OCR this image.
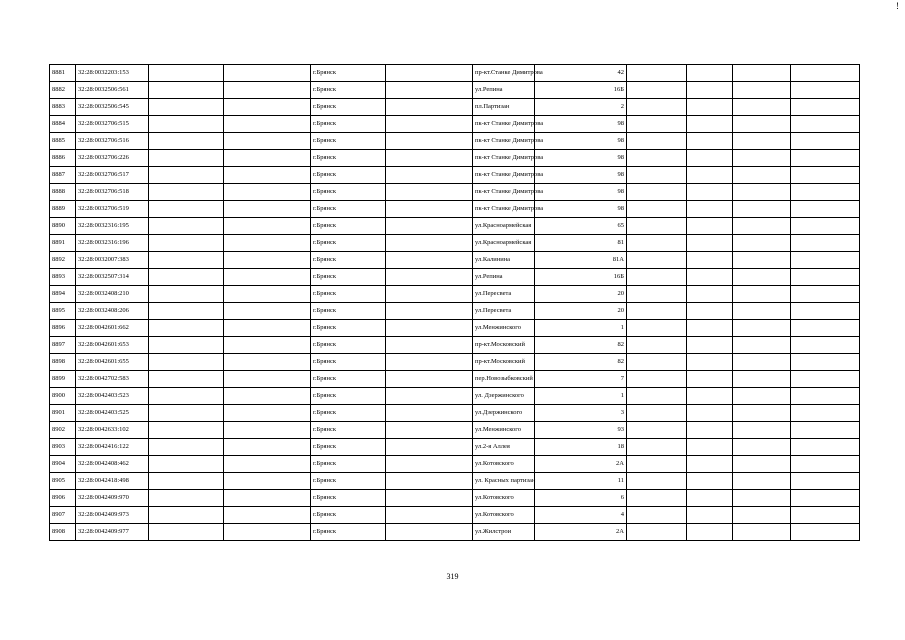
!
8881	32:28:0032203:153			г.Брянск		пр-кт.Станке Димитрова	42				
8882	32:28:0032506:561			г.Брянск		ул.Репина	16Б				
8883	32:28:0032506:545			г.Брянск		пл.Партизан	2				
8884	32:28:0032706:515			г.Брянск		пк-кт Станке Димитрова	98				
8885	32:28:0032706:516			г.Брянск		пк-кт Станке Димитрова	98				
8886	32:28:0032706:226			г.Брянск		пк-кт Станке Димитрова	98				
8887	32:28:0032706:517			г.Брянск		пк-кт Станке Димитрова	98				
8888	32:28:0032706:518			г.Брянск		пк-кт Станке Димитрова	98				
8889	32:28:0032706:519			г.Брянск		пк-кт Станке Димитрова	98				
8890	32:28:0032316:195			г.Брянск		ул.Красноармейская	65				
8891	32:28:0032316:196			г.Брянск		ул.Красноармейская	81				
8892	32:28:0032007:383			г.Брянск		ул.Калинина	81А				
8893	32:28:0032507:314			г.Брянск		ул.Репина	16Б				
8894	32:28:0032408:210			г.Брянск		ул.Пересвета	20				
8895	32:28:0032408:206			г.Брянск		ул.Пересвета	20				
8896	32:28:0042601:662			г.Брянск		ул.Менжинского	1				
8897	32:28:0042601:653			г.Брянск		пр-кт.Московский	82				
8898	32:28:0042601:655			г.Брянск		пр-кт.Московский	82				
8899	32:28:0042702:583			г.Брянск		пер.Новозыбковский	7				
8900	32:28:0042403:523			г.Брянск		ул. Дзержинского	1				
8901	32:28:0042403:525			г.Брянск		ул.Дзержинского	3				
8902	32:28:0042633:102			г.Брянск		ул.Менжинского	93				
8903	32:28:0042416:122			г.Брянск		ул.2-я Аллея	18				
8904	32:28:0042408:462			г.Брянск		ул.Котовского	2А				
8905	32:28:0042418:498			г.Брянск		ул. Красных партизан	11				
8906	32:28:0042409:970			г.Брянск		ул.Котовского	6				
8907	32:28:0042409:973			г.Брянск		ул.Котовского	4				
8908	32:28:0042409:977			г.Брянск		ул.Жилстрои	2А				
319
